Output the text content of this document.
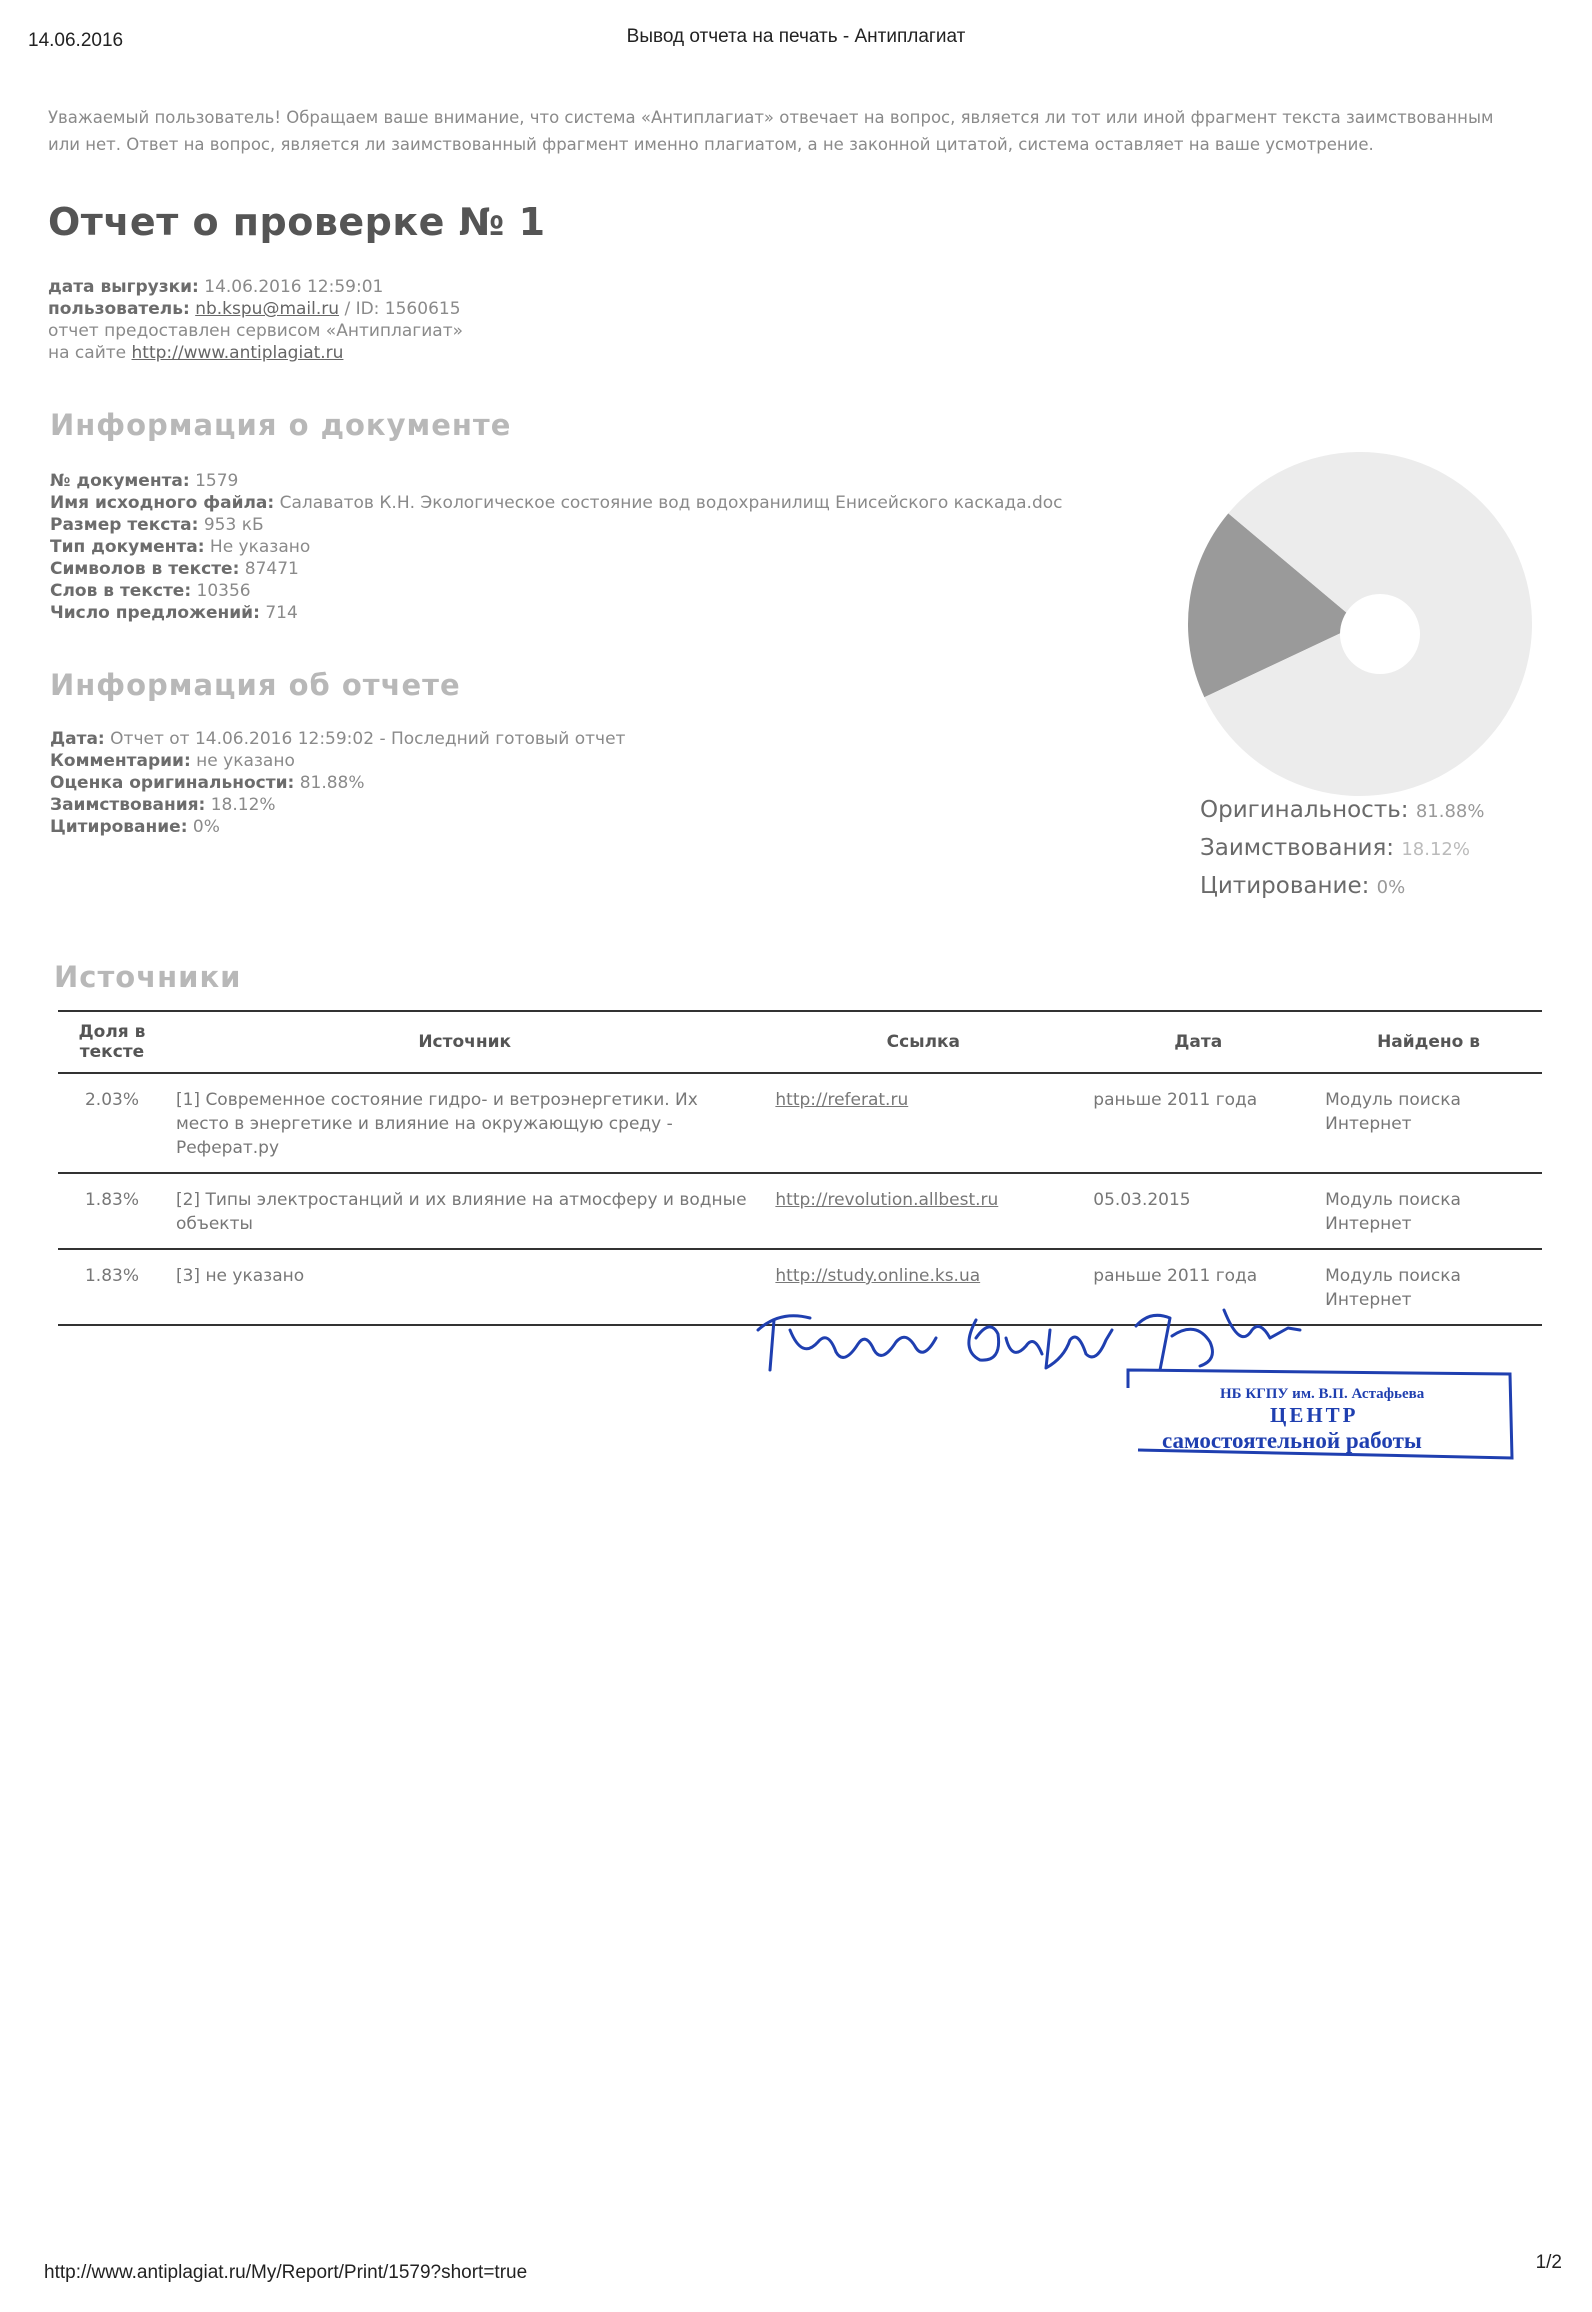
14.06.2016	Вывод отчета на печать - Антиплагиат
Уважаемый пользователь! Обращаем ваше внимание, что система «Антиплагиат» отвечает на вопрос, является ли тот или иной фрагмент текста заимствованным или нет. Ответ на вопрос, является ли заимствованный фрагмент именно плагиатом, а не законной цитатой, система оставляет на ваше усмотрение.
Отчет о проверке № 1
дата выгрузки: 14.06.2016 12:59:01
пользователь: nb.kspu@mail.ru / ID: 1560615
отчет предоставлен сервисом «Антиплагиат»
на сайте http://www.antiplagiat.ru
Информация о документе
№ документа: 1579
Имя исходного файла: Салаватов К.Н. Экологическое состояние вод водохранилищ Енисейского каскада.doc
Размер текста: 953 кБ
Тип документа: Не указано
Символов в тексте: 87471
Слов в тексте: 10356
Число предложений: 714
Информация об отчете
Дата: Отчет от 14.06.2016 12:59:02 - Последний готовый отчет
Комментарии: не указано
Оценка оригинальности: 81.88%
Заимствования: 18.12%
Цитирование: 0%
Оригинальность: 81.88%
Заимствования: 18.12%
Цитирование: 0%
Источники
Доля в тексте	Источник	Ссылка	Дата	Найдено в
2.03%	[1] Современное состояние гидро- и ветроэнергетики. Их место в энергетике и влияние на окружающую среду - Реферат.ру	http://referat.ru	раньше 2011 года	Модуль поиска Интернет
1.83%	[2] Типы электростанций и их влияние на атмосферу и водные объекты	http://revolution.allbest.ru	05.03.2015	Модуль поиска Интернет
1.83%	[3] не указано	http://study.online.ks.ua	раньше 2011 года	Модуль поиска Интернет
НБ КГПУ им. В.П. Астафьева
ЦЕНТР
самостоятельной работы
http://www.antiplagiat.ru/My/Report/Print/1579?short=true	1/2
